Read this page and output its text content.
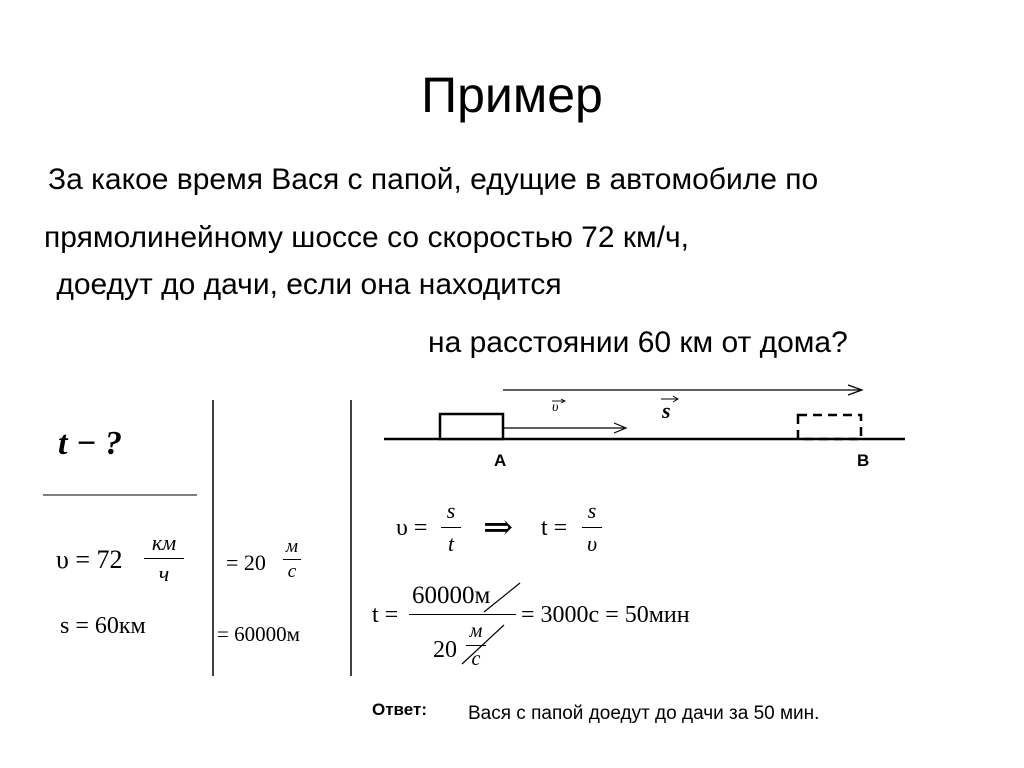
Пример
За какое время Вася с папой, едущие в автомобиле по
прямолинейному шоссе со скоростью 72 км/ч,
доедут до дачи, если она находится
на расстоянии 60 км от дома?
υ	s
A	B
t − ?
υ = 72
км
ч
s = 60км
= 20
м
с
= 60000м
υ =
s
t ⇒ t =
s
υ
t =
60000м
20
м
с
= 3000с = 50мин
Ответ: Вася с папой доедут до дачи за 50 мин.
